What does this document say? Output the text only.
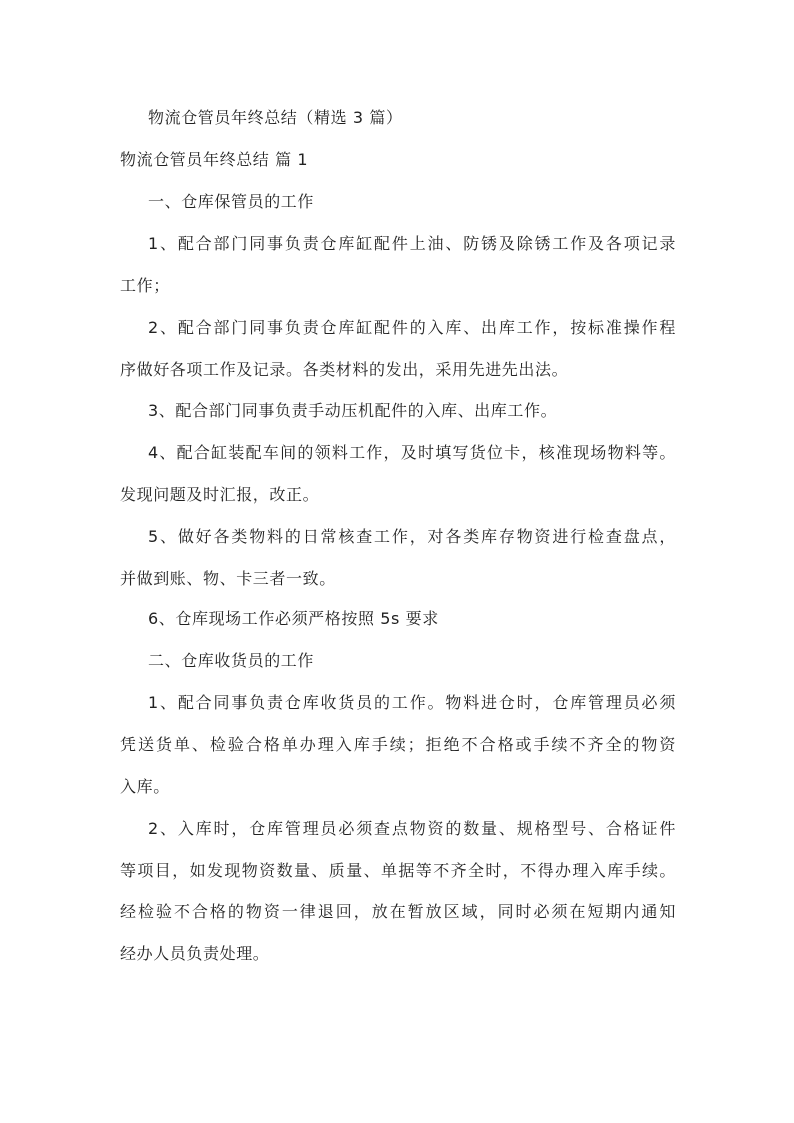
物流仓管员年终总结（精选 3 篇）
物流仓管员年终总结 篇 1
一、仓库保管员的工作
1、配合部门同事负责仓库缸配件上油、防锈及除锈工作及各项记录
工作；
2、配合部门同事负责仓库缸配件的入库、出库工作，按标准操作程
序做好各项工作及记录。各类材料的发出，采用先进先出法。
3、配合部门同事负责手动压机配件的入库、出库工作。
4、配合缸装配车间的领料工作，及时填写货位卡，核准现场物料等。
发现问题及时汇报，改正。
5、做好各类物料的日常核查工作，对各类库存物资进行检查盘点，
并做到账、物、卡三者一致。
6、仓库现场工作必须严格按照 5s 要求
二、仓库收货员的工作
1、配合同事负责仓库收货员的工作。物料进仓时，仓库管理员必须
凭送货单、检验合格单办理入库手续；拒绝不合格或手续不齐全的物资
入库。
2、入库时，仓库管理员必须查点物资的数量、规格型号、合格证件
等项目，如发现物资数量、质量、单据等不齐全时，不得办理入库手续。
经检验不合格的物资一律退回，放在暂放区域，同时必须在短期内通知
经办人员负责处理。
